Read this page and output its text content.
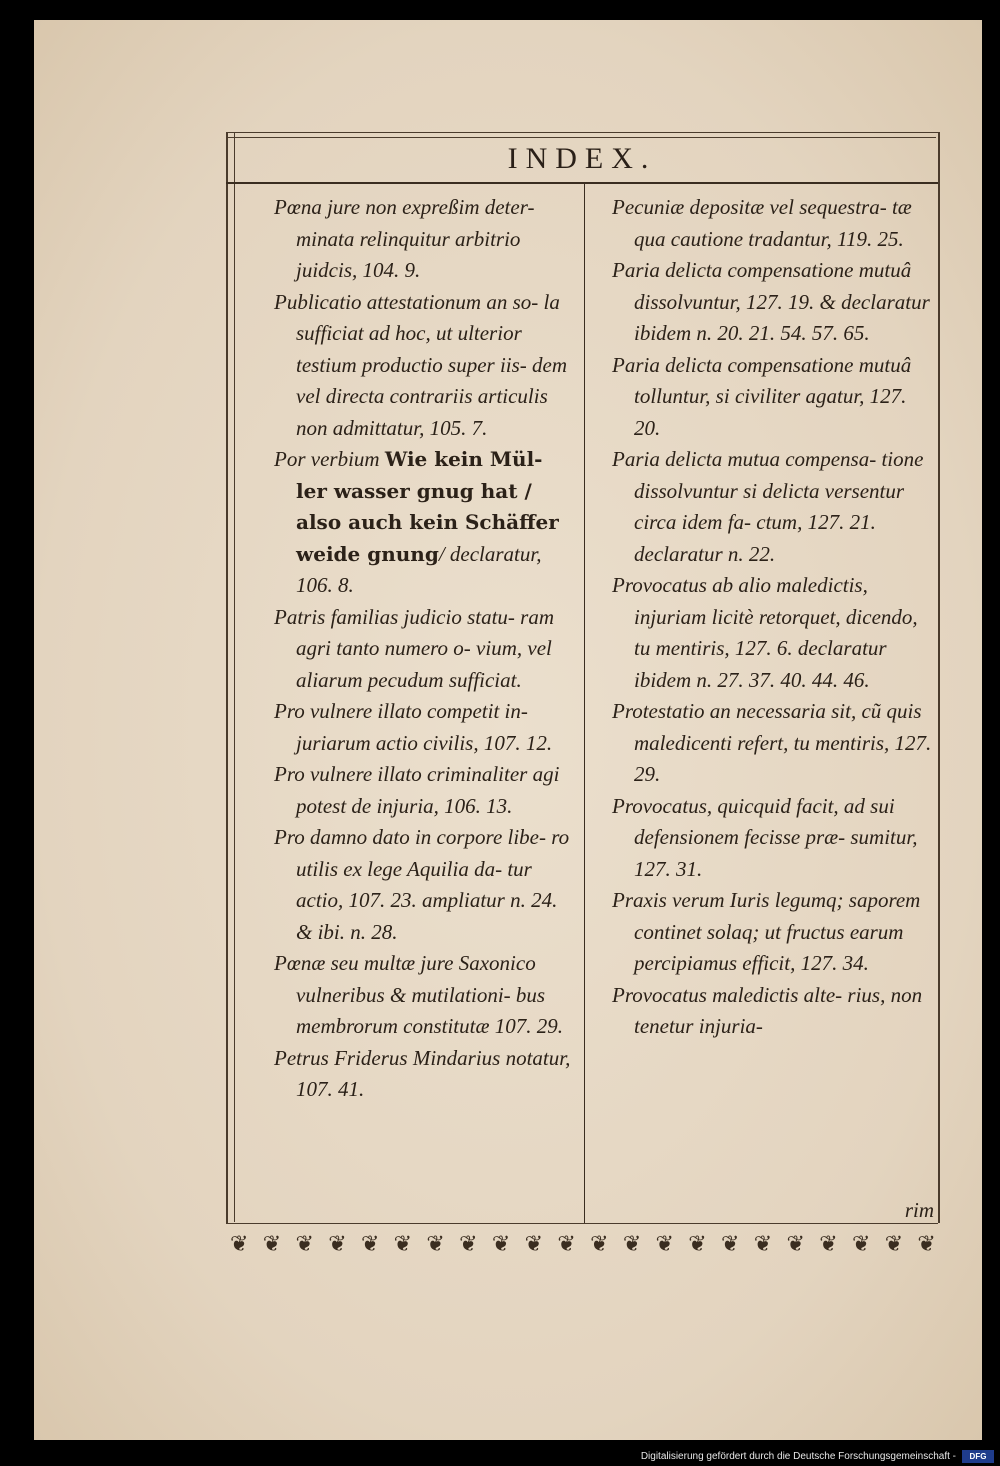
INDEX.

Pœna jure non expreßim deter- minata relinquitur arbitrio juidcis, 104. 9.

Publicatio attestationum an so- la sufficiat ad hoc, ut ulterior testium productio super iis- dem vel directa contrariis articulis non admittatur, 105. 7.

Por verbium Wie kein Mül- ler wasser gnug hat / also auch kein Schäffer weide gnung/ declaratur, 106. 8.

Patris familias judicio statu- ram agri tanto numero o- vium, vel aliarum pecudum sufficiat.

Pro vulnere illato competit in- juriarum actio civilis, 107. 12.

Pro vulnere illato criminaliter agi potest de injuria, 106. 13.

Pro damno dato in corpore libe- ro utilis ex lege Aquilia da- tur actio, 107. 23. ampliatur n. 24. & ibi. n. 28.

Pœnæ seu multæ jure Saxonico vulneribus & mutilationi- bus membrorum constitutæ 107. 29.

Petrus Friderus Mindarius notatur, 107. 41.

Pecuniæ depositæ vel sequestra- tæ qua cautione tradantur, 119. 25.

Paria delicta compensatione mutuâ dissolvuntur, 127. 19. & declaratur ibidem n. 20. 21. 54. 57. 65.

Paria delicta compensatione mutuâ tolluntur, si civiliter agatur, 127. 20.

Paria delicta mutua compensa- tione dissolvuntur si delicta versentur circa idem fa- ctum, 127. 21. declaratur n. 22.

Provocatus ab alio maledictis, injuriam licitè retorquet, dicendo, tu mentiris, 127. 6. declaratur ibidem n. 27. 37. 40. 44. 46.

Protestatio an necessaria sit, cũ quis maledicenti refert, tu mentiris, 127. 29.

Provocatus, quicquid facit, ad sui defensionem fecisse præ- sumitur, 127. 31.

Praxis verum Iuris legumq; saporem continet solaq; ut fructus earum percipiamus efficit, 127. 34.

Provocatus maledictis alte- rius, non tenetur injuria-

rim
❦ ❦ ❦ ❦ ❦ ❦ ❦ ❦ ❦ ❦ ❦ ❦ ❦ ❦ ❦ ❦ ❦ ❦ ❦ ❦ ❦ ❦
Digitalisierung gefördert durch die Deutsche Forschungsgemeinschaft -	DFG
